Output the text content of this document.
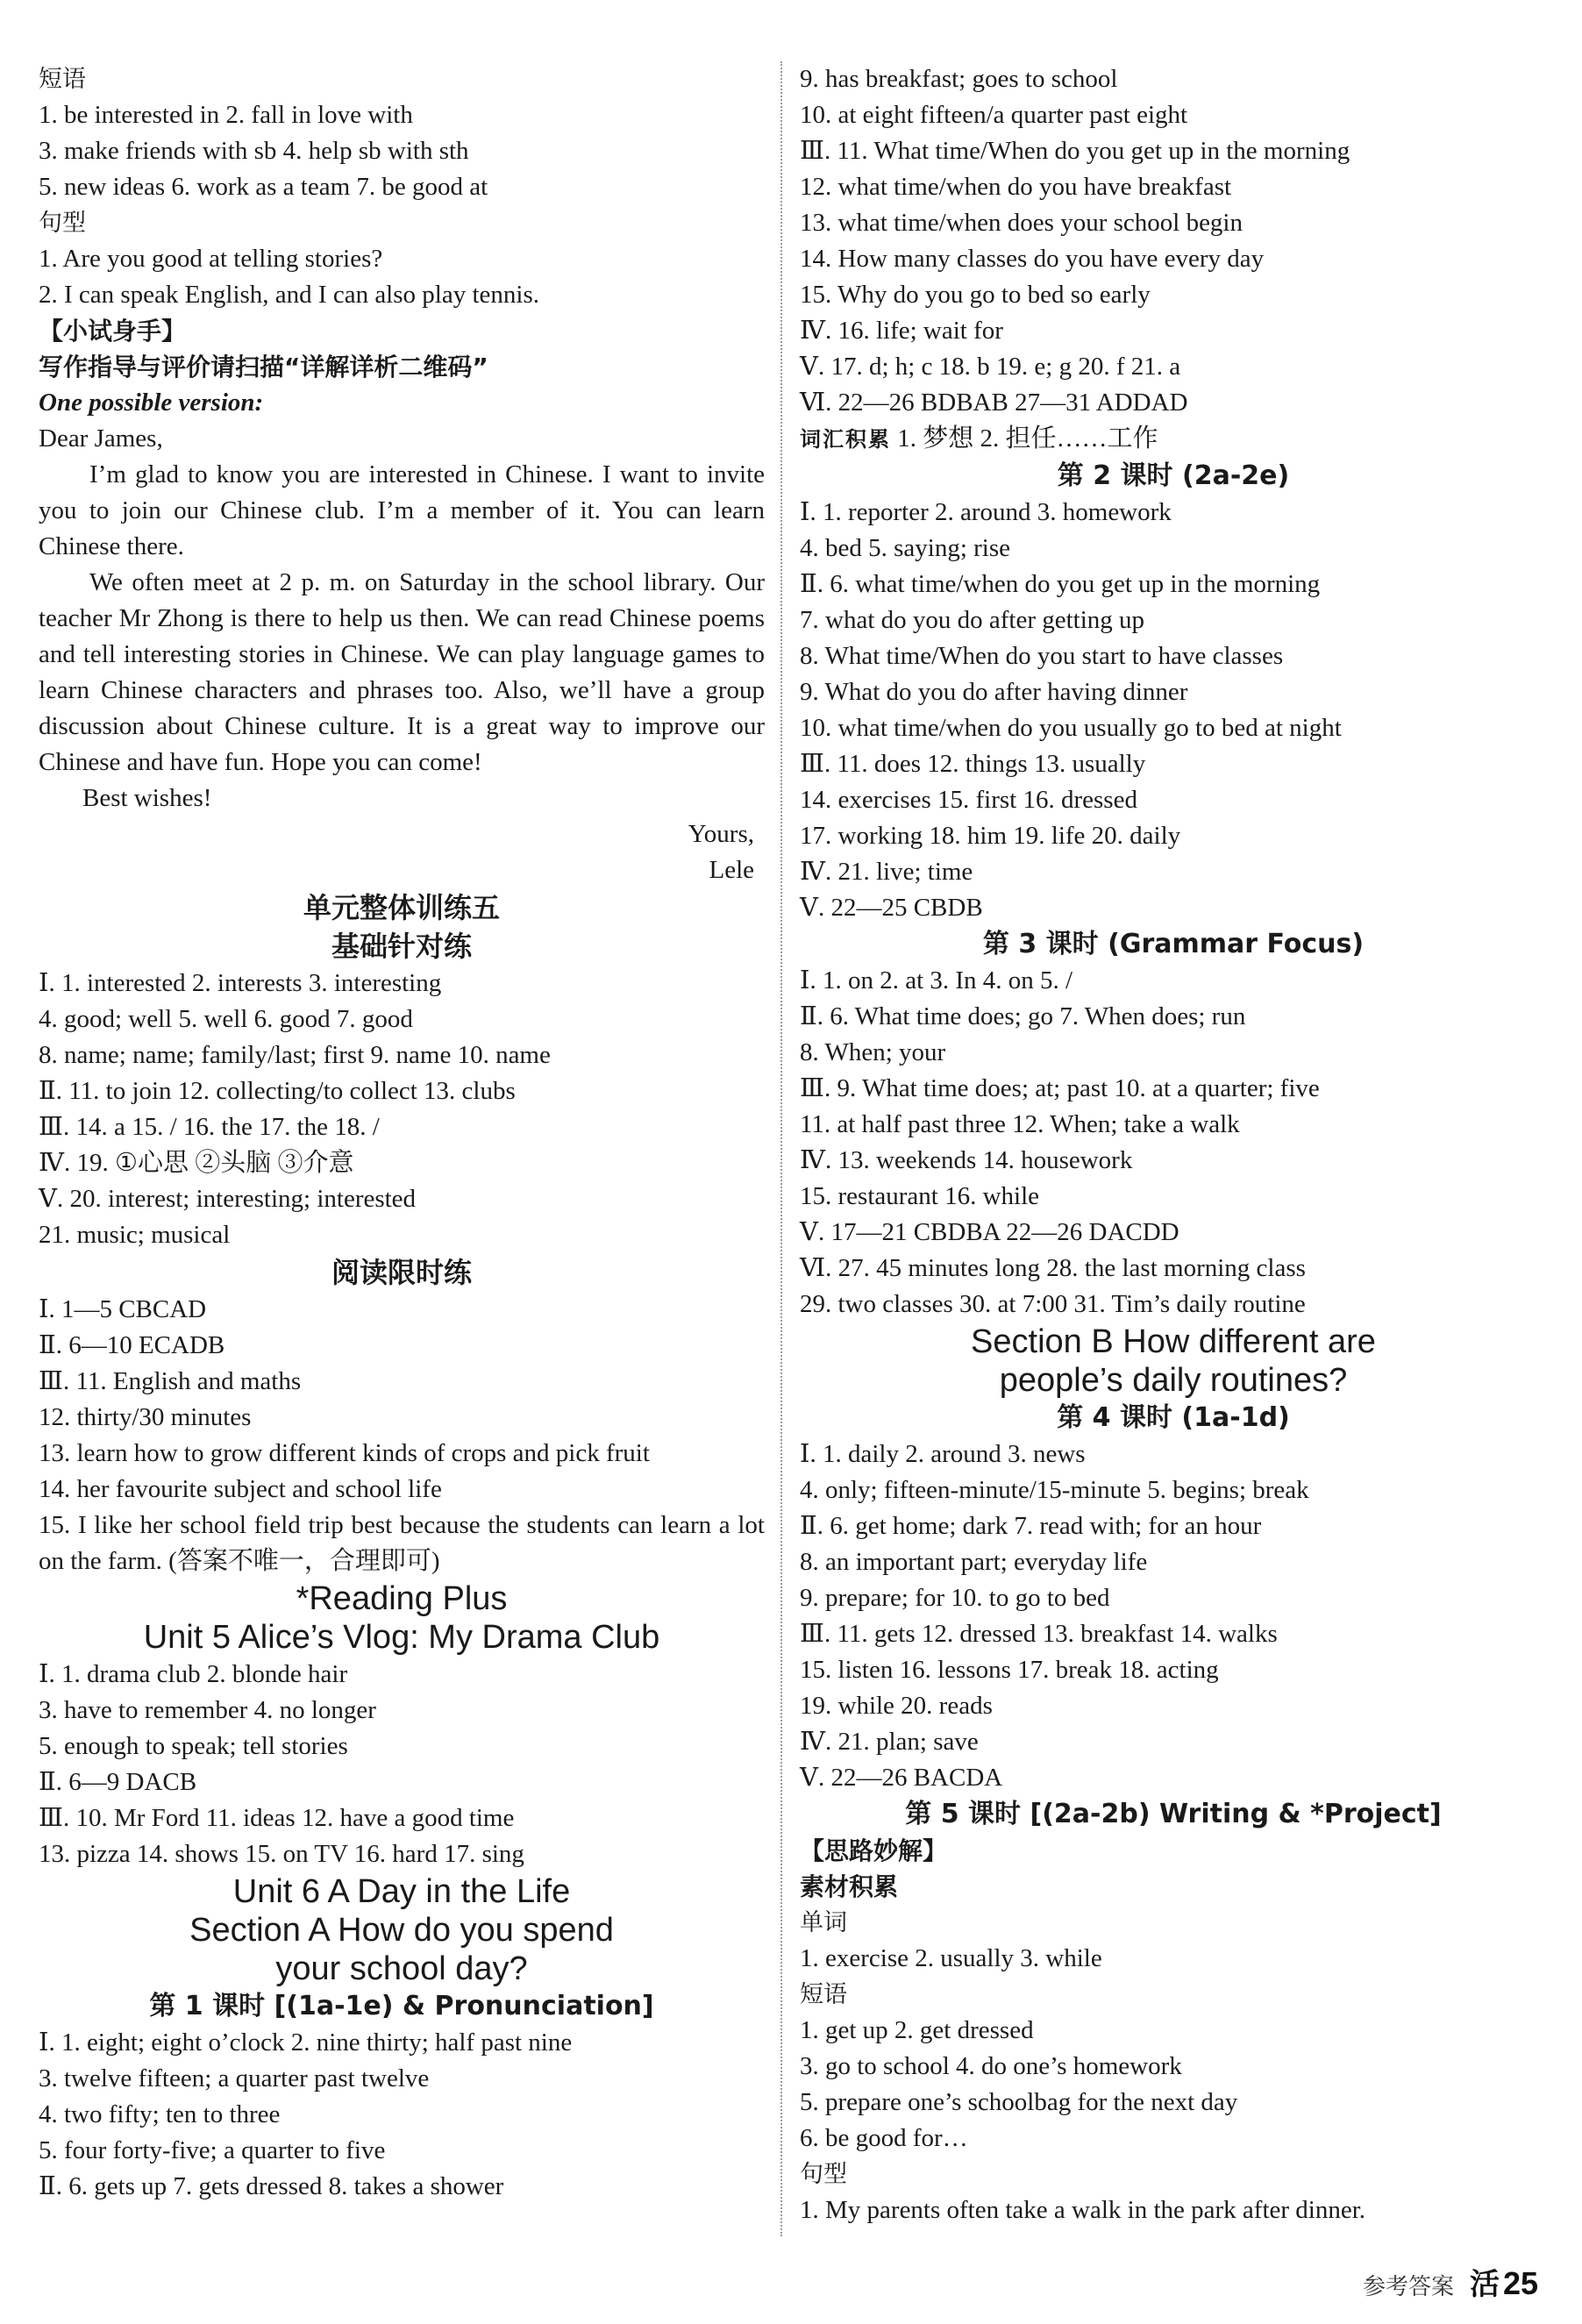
短语
1. be interested in 2. fall in love with
3. make friends with sb 4. help sb with sth
5. new ideas 6. work as a team 7. be good at
句型
1. Are you good at telling stories?
2. I can speak English, and I can also play tennis.
【小试身手】
写作指导与评价请扫描“详解详析二维码”
One possible version:
Dear James,
I’m glad to know you are interested in Chinese. I want to invite you to join our Chinese club. I’m a member of it. You can learn Chinese there.
We often meet at 2 p. m. on Saturday in the school library. Our teacher Mr Zhong is there to help us then. We can read Chinese poems and tell interesting stories in Chinese. We can play language games to learn Chinese characters and phrases too. Also, we’ll have a group discussion about Chinese culture. It is a great way to improve our Chinese and have fun. Hope you can come!
Best wishes!
Yours,
Lele
单元整体训练五
基础针对练
Ⅰ. 1. interested 2. interests 3. interesting
4. good; well 5. well 6. good 7. good
8. name; name; family/last; first 9. name 10. name
Ⅱ. 11. to join 12. collecting/to collect 13. clubs
Ⅲ. 14. a 15. / 16. the 17. the 18. /
Ⅳ. 19. ①心思 ②头脑 ③介意
Ⅴ. 20. interest; interesting; interested
21. music; musical
阅读限时练
Ⅰ. 1—5 CBCAD
Ⅱ. 6—10 ECADB
Ⅲ. 11. English and maths
12. thirty/30 minutes
13. learn how to grow different kinds of crops and pick fruit
14. her favourite subject and school life
15. I like her school field trip best because the students can learn a lot on the farm. (答案不唯一，合理即可)
*Reading Plus
Unit 5 Alice’s Vlog: My Drama Club
Ⅰ. 1. drama club 2. blonde hair
3. have to remember 4. no longer
5. enough to speak; tell stories
Ⅱ. 6—9 DACB
Ⅲ. 10. Mr Ford 11. ideas 12. have a good time
13. pizza 14. shows 15. on TV 16. hard 17. sing
Unit 6 A Day in the Life
Section A How do you spend
your school day?
第 1 课时 [(1a-1e) & Pronunciation]
Ⅰ. 1. eight; eight o’clock 2. nine thirty; half past nine
3. twelve fifteen; a quarter past twelve
4. two fifty; ten to three
5. four forty-five; a quarter to five
Ⅱ. 6. gets up 7. gets dressed 8. takes a shower
9. has breakfast; goes to school
10. at eight fifteen/a quarter past eight
Ⅲ. 11. What time/When do you get up in the morning
12. what time/when do you have breakfast
13. what time/when does your school begin
14. How many classes do you have every day
15. Why do you go to bed so early
Ⅳ. 16. life; wait for
Ⅴ. 17. d; h; c 18. b 19. e; g 20. f 21. a
Ⅵ. 22—26 BDBAB 27—31 ADDAD
词汇积累 1. 梦想 2. 担任……工作
第 2 课时 (2a-2e)
Ⅰ. 1. reporter 2. around 3. homework
4. bed 5. saying; rise
Ⅱ. 6. what time/when do you get up in the morning
7. what do you do after getting up
8. What time/When do you start to have classes
9. What do you do after having dinner
10. what time/when do you usually go to bed at night
Ⅲ. 11. does 12. things 13. usually
14. exercises 15. first 16. dressed
17. working 18. him 19. life 20. daily
Ⅳ. 21. live; time
Ⅴ. 22—25 CBDB
第 3 课时 (Grammar Focus)
Ⅰ. 1. on 2. at 3. In 4. on 5. /
Ⅱ. 6. What time does; go 7. When does; run
8. When; your
Ⅲ. 9. What time does; at; past 10. at a quarter; five
11. at half past three 12. When; take a walk
Ⅳ. 13. weekends 14. housework
15. restaurant 16. while
Ⅴ. 17—21 CBDBA 22—26 DACDD
Ⅵ. 27. 45 minutes long 28. the last morning class
29. two classes 30. at 7:00 31. Tim’s daily routine
Section B How different are
people’s daily routines?
第 4 课时 (1a-1d)
Ⅰ. 1. daily 2. around 3. news
4. only; fifteen-minute/15-minute 5. begins; break
Ⅱ. 6. get home; dark 7. read with; for an hour
8. an important part; everyday life
9. prepare; for 10. to go to bed
Ⅲ. 11. gets 12. dressed 13. breakfast 14. walks
15. listen 16. lessons 17. break 18. acting
19. while 20. reads
Ⅳ. 21. plan; save
Ⅴ. 22—26 BACDA
第 5 课时 [(2a-2b) Writing & *Project]
【思路妙解】
素材积累
单词
1. exercise 2. usually 3. while
短语
1. get up 2. get dressed
3. go to school 4. do one’s homework
5. prepare one’s schoolbag for the next day
6. be good for…
句型
1. My parents often take a walk in the park after dinner.
参考答案 活 25
